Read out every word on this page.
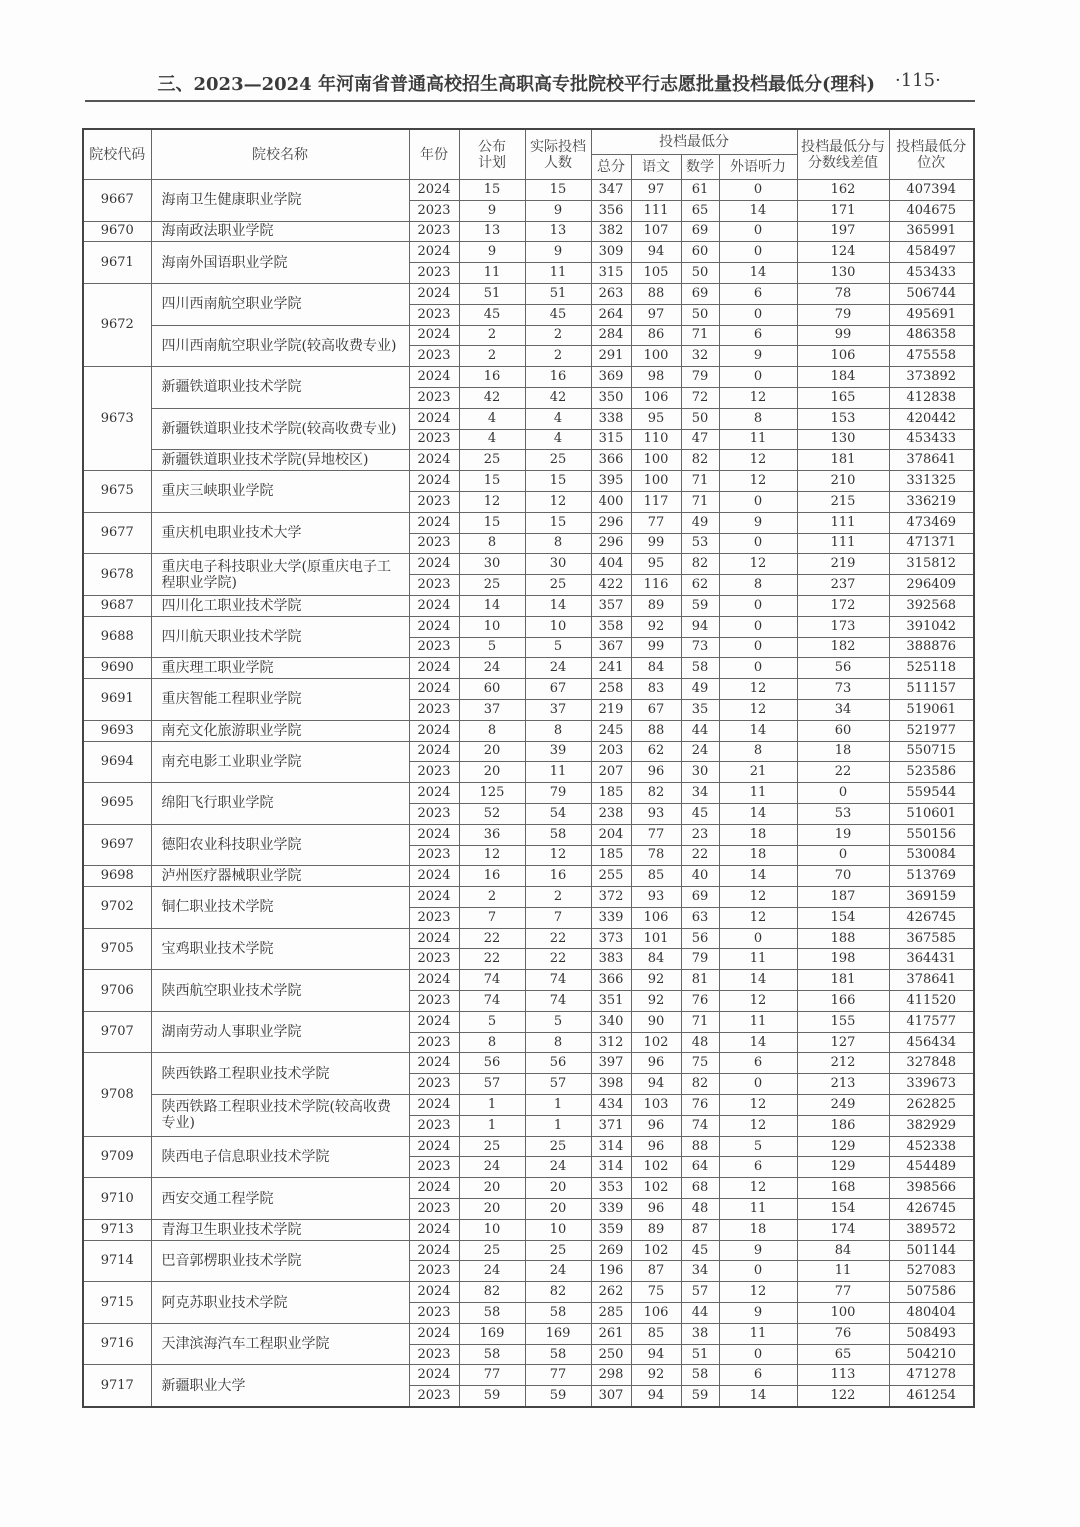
三、2023—2024 年河南省普通高校招生高职高专批院校平行志愿批量投档最低分(理科) ·115·
院校代码	院校名称	年份	公布计划	实际投档人数	投档最低分				投档最低分与分数线差值	投档最低分位次
					总分	语文	数学	外语听力		
9667	海南卫生健康职业学院	2024	15	15	347	97	61	0	162	407394
		2023	9	9	356	111	65	14	171	404675
9670	海南政法职业学院	2023	13	13	382	107	69	0	197	365991
9671	海南外国语职业学院	2024	9	9	309	94	60	0	124	458497
		2023	11	11	315	105	50	14	130	453433
9672	四川西南航空职业学院	2024	51	51	263	88	69	6	78	506744
		2023	45	45	264	97	50	0	79	495691
	四川西南航空职业学院(较高收费专业)	2024	2	2	284	86	71	6	99	486358
		2023	2	2	291	100	32	9	106	475558
9673	新疆铁道职业技术学院	2024	16	16	369	98	79	0	184	373892
		2023	42	42	350	106	72	12	165	412838
	新疆铁道职业技术学院(较高收费专业)	2024	4	4	338	95	50	8	153	420442
		2023	4	4	315	110	47	11	130	453433
	新疆铁道职业技术学院(异地校区)	2024	25	25	366	100	82	12	181	378641
9675	重庆三峡职业学院	2024	15	15	395	100	71	12	210	331325
		2023	12	12	400	117	71	0	215	336219
9677	重庆机电职业技术大学	2024	15	15	296	77	49	9	111	473469
		2023	8	8	296	99	53	0	111	471371
9678	重庆电子科技职业大学(原重庆电子工程职业学院)	2024	30	30	404	95	82	12	219	315812
		2023	25	25	422	116	62	8	237	296409
9687	四川化工职业技术学院	2024	14	14	357	89	59	0	172	392568
9688	四川航天职业技术学院	2024	10	10	358	92	94	0	173	391042
		2023	5	5	367	99	73	0	182	388876
9690	重庆理工职业学院	2024	24	24	241	84	58	0	56	525118
9691	重庆智能工程职业学院	2024	60	67	258	83	49	12	73	511157
		2023	37	37	219	67	35	12	34	519061
9693	南充文化旅游职业学院	2024	8	8	245	88	44	14	60	521977
9694	南充电影工业职业学院	2024	20	39	203	62	24	8	18	550715
		2023	20	11	207	96	30	21	22	523586
9695	绵阳飞行职业学院	2024	125	79	185	82	34	11	0	559544
		2023	52	54	238	93	45	14	53	510601
9697	德阳农业科技职业学院	2024	36	58	204	77	23	18	19	550156
		2023	12	12	185	78	22	18	0	530084
9698	泸州医疗器械职业学院	2024	16	16	255	85	40	14	70	513769
9702	铜仁职业技术学院	2024	2	2	372	93	69	12	187	369159
		2023	7	7	339	106	63	12	154	426745
9705	宝鸡职业技术学院	2024	22	22	373	101	56	0	188	367585
		2023	22	22	383	84	79	11	198	364431
9706	陕西航空职业技术学院	2024	74	74	366	92	81	14	181	378641
		2023	74	74	351	92	76	12	166	411520
9707	湖南劳动人事职业学院	2024	5	5	340	90	71	11	155	417577
		2023	8	8	312	102	48	14	127	456434
9708	陕西铁路工程职业技术学院	2024	56	56	397	96	75	6	212	327848
		2023	57	57	398	94	82	0	213	339673
	陕西铁路工程职业技术学院(较高收费专业)	2024	1	1	434	103	76	12	249	262825
		2023	1	1	371	96	74	12	186	382929
9709	陕西电子信息职业技术学院	2024	25	25	314	96	88	5	129	452338
		2023	24	24	314	102	64	6	129	454489
9710	西安交通工程学院	2024	20	20	353	102	68	12	168	398566
		2023	20	20	339	96	48	11	154	426745
9713	青海卫生职业技术学院	2024	10	10	359	89	87	18	174	389572
9714	巴音郭楞职业技术学院	2024	25	25	269	102	45	9	84	501144
		2023	24	24	196	87	34	0	11	527083
9715	阿克苏职业技术学院	2024	82	82	262	75	57	12	77	507586
		2023	58	58	285	106	44	9	100	480404
9716	天津滨海汽车工程职业学院	2024	169	169	261	85	38	11	76	508493
		2023	58	58	250	94	51	0	65	504210
9717	新疆职业大学	2024	77	77	298	92	58	6	113	471278
		2023	59	59	307	94	59	14	122	461254
